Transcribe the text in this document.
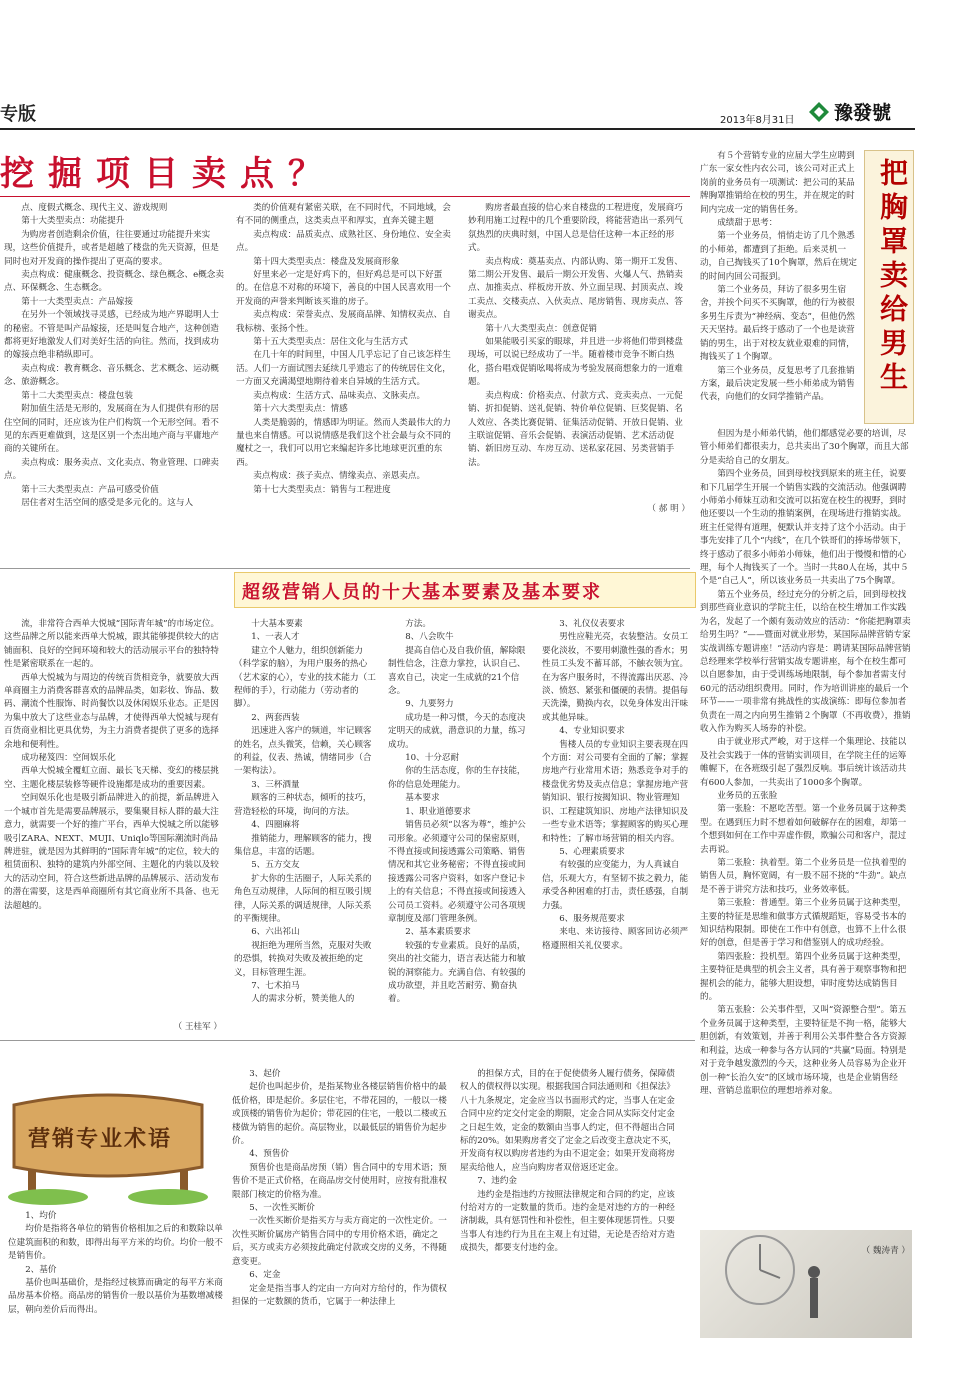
专版	2013年8月31日 豫發號
挖掘项目卖点？

点、度假式概念、现代主义、游戏规则

第十大类型卖点：功能提升

为购房者创造剩余价值，往往要通过功能提升来实现，这些价值提升，或者是超越了楼盘的先天资源，但是同时也对开发商的操作提出了更高的要求。

卖点构成：健康概念、投资概念、绿色概念、e概念卖点、环保概念、生态概念。

第十一大类型卖点：产品嫁接

在另外一个领域找寻灵感，已经成为地产界聪明人士的秘密。不管是叫产品嫁接，还是叫复合地产，这种创造都将更好地激发人们对美好生活的向往。然而，找到成功的嫁接点绝非稍纵即可。

卖点构成：教育概念、音乐概念、艺术概念、运动概念、旅游概念。

第十二大类型卖点：楼盘包装

附加值生活是无形的，发展商在为人们提供有形的居住空间的同时，还应该为住户们构筑一个无形空间。看不见的东西更难做到，这是区别一个杰出地产商与平庸地产商的关键所在。

卖点构成：服务卖点、文化卖点、物业管理、口碑卖点。

第十三大类型卖点：产品可感受价值

居住者对生活空间的感受是多元化的。这与人

类的价值观有紧密关联，在不同时代，不同地域，会有不同的侧重点，这类卖点平和厚实，直奔关键主题

卖点构成：品质卖点、成熟社区、身份地位、安全卖点。

第十四大类型卖点：楼盘及发展商形象

好里来必一定是好鸡下的，但好鸡总是可以下好蛋的。在信息不对称的环境下，善良的中国人民喜欢用一个开发商的声誉来判断该买谁的房子。

卖点构成：荣誉卖点、发展商品牌、知情权卖点、自我标榜、张扬个性。

第十五大类型卖点：居住文化与生活方式

在几十年的时间里，中国人几乎忘记了自己该怎样生活。人们一方面试图去延续几乎遗忘了的传统居住文化，一方面又充满渴望地期待着来自异域的生活方式。

卖点构成：生活方式、品味卖点、文脉卖点。

第十六大类型卖点：情感

人类是脆弱的，情感即为明证。然而人类最伟大的力量也来自情感。可以说情感是我们这个社会最与众不同的魔杖之一，我们可以用它来编起许多比地球更沉重的东西。

卖点构成：孩子卖点、情缘卖点、亲恩卖点。

第十七大类型卖点：销售与工程进度

购房者最直接的信心来自楼盘的工程进度，发展商巧妙利用施工过程中的几个重要阶段，将能营造出一系列气氛热烈的庆典时刻，中国人总是信任这种一本正经的形式。

卖点构成：奠基卖点、内部认购、第一期开工发售、第二期公开发售、最后一期公开发售、火爆人气、热销卖点、加推卖点、样板房开放、外立面呈现、封顶卖点、竣工卖点、交楼卖点、入伙卖点、尾房销售、现房卖点、答谢卖点。

第十八大类型卖点：创意促销

如果能吸引买家的眼球，并且进一步将他们带到楼盘现场，可以说已经成功了一半。随着楼市竞争不断白热化，搭台唱戏促销吆喝将成为考验发展商想象力的一道难题。

卖点构成：价格卖点、付款方式、竞卖卖点、一元促销、折扣促销、送礼促销、特价单位促销、巨奖促销、名人效应、各类比赛促销、征集活动促销、开放日促销、业主联谊促销、音乐会促销、表演活动促销、艺术活动促销、新旧房互动、车房互动、送私家花园、另类营销手法。

（ 郝 明 ）
超级营销人员的十大基本要素及基本要求

流，非常符合西单大悦城“国际青年城”的市场定位。这些品牌之所以能来西单大悦城，跟其能够提供较大的店铺面积、良好的空间环境和较大的活动展示平台的独特特性是紧密联系在一起的。

西单大悦城为与周边的传统百货相竞争，就要放大西单商圈主力消费客群喜欢的品牌品类，如彩妆、饰品、数码、潮流个性服饰、时尚餐饮以及休闲娱乐业态。正是因为集中放大了这些业态与品牌，才使得西单大悦城与现有百货商业相比更具优势，为主力消费者提供了更多的选择余地和便利性。

成功秘笈四：空间娱乐化

西单大悦城全覆虹立面、最长飞天梯、变幻的楼层挑空、主题化楼层装修等硬件设施都是成功的重要因素。

空间娱乐化也是吸引新品牌进入的前提，新品牌进入一个城市首先是需要品牌展示，要集聚目标人群的最大注意力，就需要一个好的推广平台，西单大悦城之所以能够吸引ZARA、NEXT、MUJI、Uniqlo等国际潮流时尚品牌进驻，就是因为其鲜明的“国际青年城”的定位，较大的租赁面积、独特的建筑内外部空间、主题化的内装以及较大的活动空间，符合这些新进品牌的品牌展示、活动发布的潜在需要，这是西单商圈所有其它商业所不具备、也无法超越的。

（ 王桂军 ）

十大基本要素

1、一表人才

建立个人魅力，组织创新能力（科学家的脑），为用户服务的热心（艺术家的心），专业的技术能力（工程师的手），行动能力（劳动者的脚）。

2、两套西装

迅速进入客户的频道，牢记顾客的姓名，点头微笑，信赖，关心顾客的利益，仪表、热诚，情绪同步（合一架构法）。

3、三杯酒量

顾客的三种状态，倾听的技巧，营造轻松的环境，询问的方法。

4、四圈麻将

推销能力，理解顾客的能力，搜集信息，丰富的话题。

5、五方交友

扩大你的生活圈子，人际关系的角色互动规律，人际间的相互吸引规律，人际关系的调适规律，人际关系的平衡规律。

6、六出祁山

视拒绝为理所当然，克服对失败的恐惧，转换对失败及被拒绝的定义，目标管理生涯。

7、七术拍马

人的需求分析，赞美他人的

方法。

8、八会吹牛

提高自信心及自我价值，解除限制性信念，注意力掌控，认识自己、喜欢自己，决定一生成就的21个信念。

9、九要努力

成功是一种习惯，今天的态度决定明天的成就，潜意识的力量，练习成功。

10、十分忍耐

你的生活态度，你的生存技能，你的信息处理能力。

基本要求

1、职业道德要求

销售员必须“以客为尊”，维护公司形象。必须遵守公司的保密原则，不得直接或间接透露公司策略、销售情况和其它业务秘密；不得直接或间接透露公司客户资料，如客户登记卡上的有关信息；不得直接或间接透入公司员工资料。必须遵守公司各项规章制度及部门管理条例。

2、基本素质要求

较强的专业素质。良好的品质，突出的社交能力，语言表达能力和敏锐的洞察能力。充满自信、有较强的成功欲望，并且吃苦耐劳、勤奋执着。

3、礼仪仪表要求

男性应鞋光亮，衣装整洁。女员工要化淡妆，不要用刺激性强的香水；男性员工头发不蓄耳部，不触衣领为宜。在为客户服务时，不得流露出厌恶、冷淡、愤怒、紧张和僵硬的表情。提倡每天洗澡，勤换内衣，以免身体发出汗味或其他异味。

4、专业知识要求

售楼人员的专业知识主要表现在四个方面：对公司要有全面的了解；掌握房地产行业常用术语；熟悉竞争对手的楼盘优劣势及卖点信息；掌握房地产营销知识、银行按揭知识、物业管理知识、工程建筑知识、房地产法律知识及一些专业术语等；掌握顾客的购买心理和特性；了解市场营销的相关内容。

5、心理素质要求

有较强的应变能力，为人真诚自信，乐观大方，有坚韧不拔之毅力，能承受各种困难的打击，责任感强，自制力强。

6、服务规范要求

来电、来访接待、顾客回访必须严格遵照相关礼仪要求。

营销专业术语

1、均价

均价是指将各单位的销售价格相加之后的和数除以单位建筑面积的和数，即得出每平方米的均价。均价一般不是销售价。

2、基价

基价也叫基础价，是指经过核算而确定的每平方米商品房基本价格。商品房的销售价一般以基价为基数增减楼层，朝向差价后而得出。

3、起价

起价也叫起步价，是指某物业各楼层销售价格中的最低价格，即是起价。多层住宅，不带花园的，一般以一楼或顶楼的销售价为起价；带花园的住宅，一般以二楼或五楼做为销售的起价。高层物业，以最低层的销售价为起步价。

4、预售价

预售价也是商品房预（销）售合同中的专用术语；预售价不是正式价格，在商品房交付使用时，应按有批准权限部门核定的价格为准。

5、一次性买断价

一次性买断价是指买方与卖方商定的一次性定价。一次性买断价属房产销售合同中的专用价格术语，确定之后，买方或卖方必须按此确定付款或交房的义务，不得随意变更。

6、定金

定金是指当事人约定由一方向对方给付的，作为债权担保的一定数额的货币，它属于一种法律上

的担保方式，目的在于促使债务人履行债务，保障债权人的债权得以实现。根据我国合同法通则和《担保法》八十九条规定，定金应当以书面形式约定，当事人在定金合同中应约定交付定金的期限，定金合同从实际交付定金之日起生效，定金的数额由当事人约定，但不得超出合同标的20%。如果购房者交了定金之后改变主意决定不买，开发商有权以购房者违约为由不退定金；如果开发商将房屋卖给他人，应当向购房者双倍返还定金。

7、违约金

违约金是指违约方按照法律规定和合同的约定，应该付给对方的一定数量的货币。违约金是对违约方的一种经济制裁，具有惩罚性和补偿性，但主要体现惩罚性。只要当事人有违约行为且在主观上有过错，无论是否给对方造成损失，都要支付违约金。

把胸罩卖给男生

有５个营销专业的应届大学生应聘到广东一家女性内衣公司，该公司对正式上岗前的业务员有一项测试：把公司的某品牌胸罩推销给在校的男生，并在规定的时间内完成一定的销售任务。

成绩甜于思考：

第一个业务员，悄悄走访了几个熟悉的小师弟，都遭到了拒绝。后来灵机一动，自己掏钱买了10个胸罩，然后在规定的时间内回公司报到。

第二个业务员，拜访了很多男生宿舍，并挨个问买不买胸罩，他的行为被很多男生斥责为“神经病、变态”，但他仍然天天坚持。最后终于感动了一个也是读营销的男生，出于对校友就业艰难的同情，掏钱买了１个胸罩。

第三个业务员，反复思考了几套推销方案，最后决定发展一些小师弟成为销售代表，向他们的女同学推销产品。

但因为是小师弟代销，他们都感觉必要的培训，尽管小师弟们都很卖力，总共卖出了30个胸罩，而且大部分是卖给自己的女朋友。

第四个业务员，回到母校找到原来的班主任，说要和下几届学生开展一个销售实践的交流活动。他强调聘小师弟小师妹互动和交流可以拓宽在校生的视野，到时他还要以一个生动的推销案例，在现场进行推销实战。班主任觉得有道理，便默认并支持了这个小活动。由于事先安排了几个“内线”，在几个铁哥们的捧场带领下，终于感动了很多小师弟小师妹，他们出于慢慢和惜的心理，每个人掏钱买了一个。当时一共80人在场，其中５个是“自己人”，所以该业务员一共卖出了75个胸罩。

第五个业务员，经过充分的分析之后，回到母校找到那些商业意识的学院主任，以给在校生增加工作实践为名，发起了一个颇有轰动效应的活动：“你能把胸罩卖给男生吗？”——暨面对就业形势，某国际品牌营销专家实战训练专题讲座！”活动内容是：聘请某国际品牌营销总经理来学校举行营销实战专题讲座，每个在校生都可以自愿参加，由于受训练场地限制，每个参加者需支付60元的活动组织费用。同时，作为培训讲座的最后一个环节——一项非常有挑战性的实战演练：即每位参加者负责在一周之内向男生推销２个胸罩（不再收费），推销收入作为购买人场券的补偿。

由于就业形式严峻，对于这样一个集理论、技能以及社会实践于一体的营销实训项目，在学院主任的运筹帷幄下，在各班级引起了强烈反响。事后统计该活动共有600人参加，一共卖出了1000多个胸罩。

业务员的五张脸

第一张脸：不愿吃苦型。第一个业务员属于这种类型。在遇到压力时不想着如何破解存在的困难，却第一个想到如何在工作中弄虚作假，欺骗公司和客户，混过去再说。

第二张脸：执着型。第二个业务员是一位执着型的销售人员，胸怀宽阔，有一股不屈不挠的“牛劲”。缺点是不善于讲究方法和技巧，业务效率低。

第三张脸：普通型。第三个业务员属于这种类型，主要的特征是思维和做事方式循规蹈矩，容易受书本的知识结构限制。即使在工作中有创意，也算不上什么很好的创意，但是善于学习和借鉴别人的成功经验。

第四张脸：投机型。第四个业务员属于这种类型，主要特征是典型的机会主义者，具有善于观察事物和把握机会的能力，能够大胆设想，审时度势达成销售目的。

第五张脸：公关事件型，又叫“资源整合型”。第五个业务员属于这种类型，主要特征是不拘一格，能够大胆创新，有效策划，并善于利用公关事件整合各方资源和利益，达成一种参与各方认同的“共赢”局面。特别是对于竞争越发激烈的今天，这种业务人员容易为企业开创一种“长治久安”的区域市场环境，也是企业销售经理、营销总监职位的理想培养对象。

（ 魏涛青 ）
